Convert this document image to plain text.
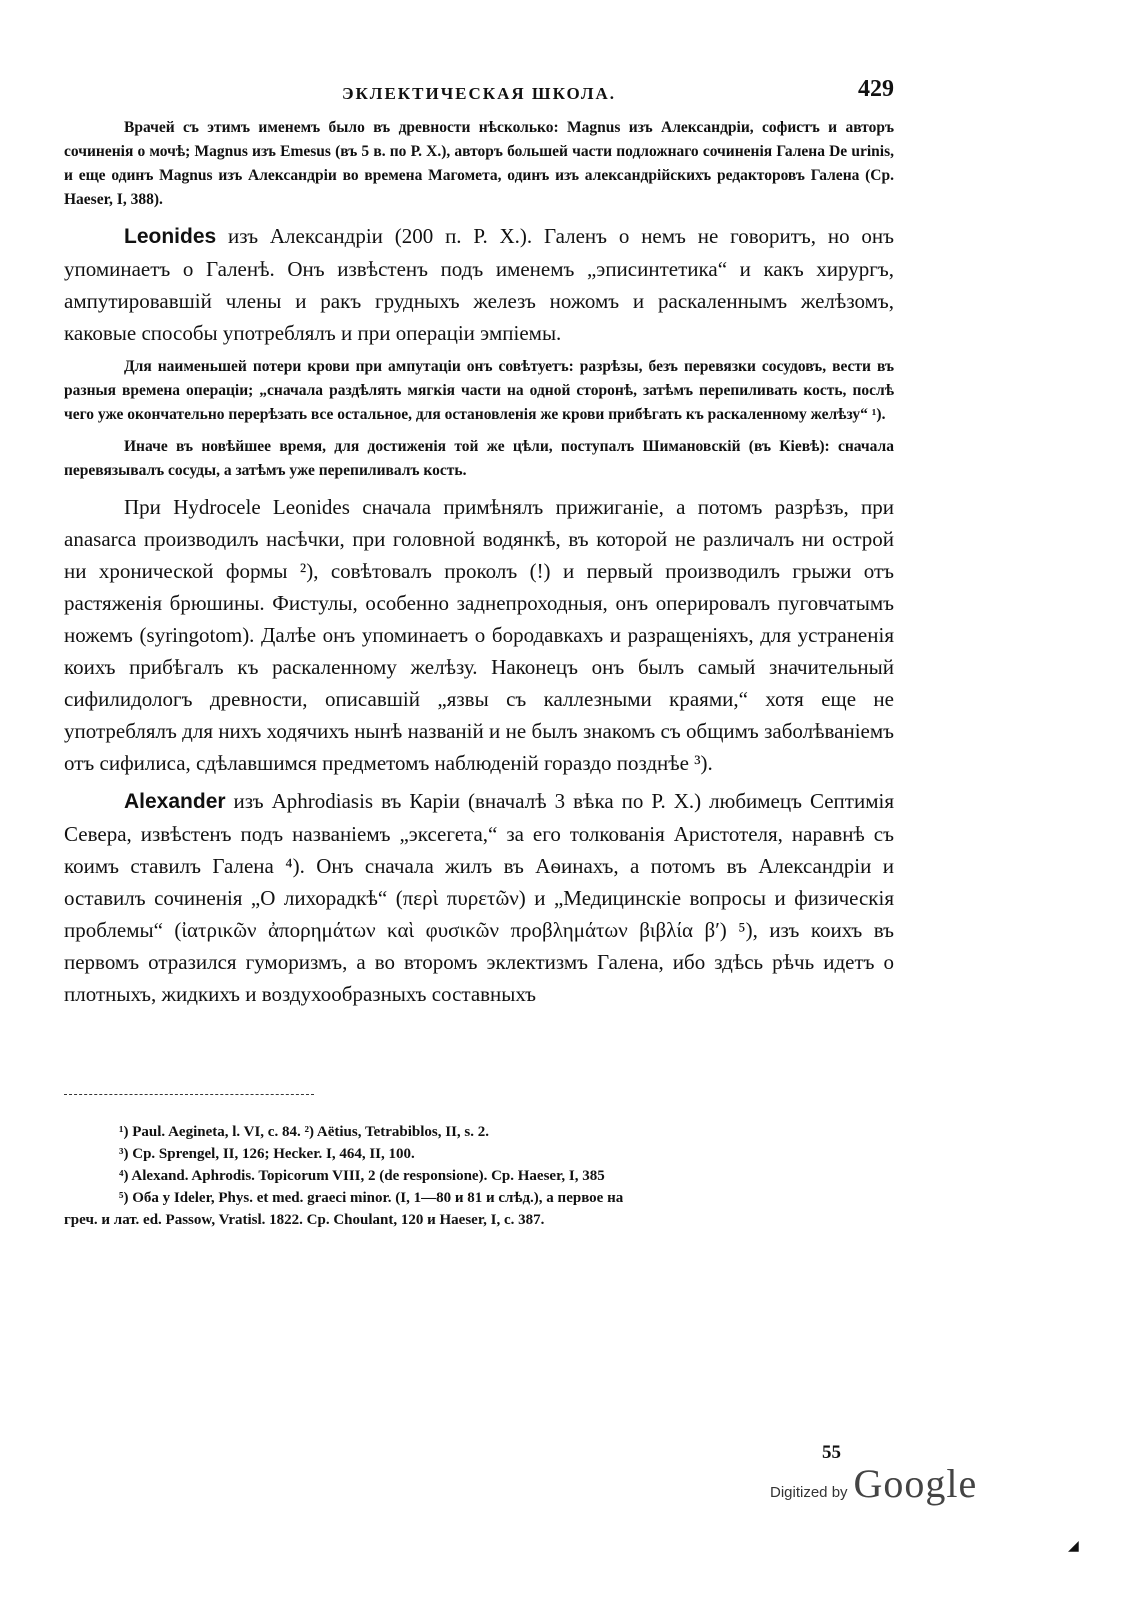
ЭКЛЕКТИЧЕСКАЯ ШКОЛА.	429

Врачей съ этимъ именемъ было въ древности нѣсколько: Magnus изъ Александріи, софистъ и авторъ сочиненія о мочѣ; Magnus изъ Emesus (въ 5 в. по Р. Х.), авторъ большей части подложнаго сочиненія Галена De urinis, и еще одинъ Magnus изъ Александріи во времена Магомета, одинъ изъ александрійскихъ редакторовъ Галена (Ср. Haeser, I, 388).

Leonides изъ Александріи (200 п. Р. Х.). Галенъ о немъ не говоритъ, но онъ упоминаетъ о Галенѣ. Онъ извѣстенъ подъ именемъ „эписинтетика“ и какъ хирургъ, ампутировавшій члены и ракъ грудныхъ железъ ножомъ и раскаленнымъ желѣзомъ, каковые способы употреблялъ и при операціи эмпіемы.

Для наименьшей потери крови при ампутаціи онъ совѣтуетъ: разрѣзы, безъ перевязки сосудовъ, вести въ разныя времена операціи; „сначала раздѣлять мягкія части на одной сторонѣ, затѣмъ перепиливать кость, послѣ чего уже окончательно перерѣзать все остальное, для остановленія же крови прибѣгать къ раскаленному желѣзу“ ¹).

Иначе въ новѣйшее время, для достиженія той же цѣли, поступалъ Шимановскій (въ Кіевѣ): сначала перевязывалъ сосуды, а затѣмъ уже перепиливалъ кость.

При Hydrocele Leonides сначала примѣнялъ прижиганіе, а потомъ разрѣзъ, при anasarca производилъ насѣчки, при головной водянкѣ, въ которой не различалъ ни острой ни хронической формы ²), совѣтовалъ проколъ (!) и первый производилъ грыжи отъ растяженія брюшины. Фистулы, особенно заднепроходныя, онъ оперировалъ пуговчатымъ ножемъ (syringotom). Далѣе онъ упоминаетъ о бородавкахъ и разращеніяхъ, для устраненія коихъ прибѣгалъ къ раскаленному желѣзу. Наконецъ онъ былъ самый значительный сифилидологъ древности, описавшій „язвы съ каллезными краями,“ хотя еще не употреблялъ для нихъ ходячихъ нынѣ названій и не былъ знакомъ съ общимъ заболѣваніемъ отъ сифилиса, сдѣлавшимся предметомъ наблюденій гораздо позднѣе ³).

Alexander изъ Aphrodiasis въ Каріи (вначалѣ 3 вѣка по Р. Х.) любимецъ Септимія Севера, извѣстенъ подъ названіемъ „эксегета,“ за его толкованія Аристотеля, наравнѣ съ коимъ ставилъ Галена ⁴). Онъ сначала жилъ въ Аѳинахъ, а потомъ въ Александріи и оставилъ сочиненія „О лихорадкѣ“ (περὶ πυρετῶν) и „Медицинскіе вопросы и физическія проблемы“ (ἰατρικῶν ἀπορημάτων καὶ φυσικῶν προβλημάτων βιβλία β′) ⁵), изъ коихъ въ первомъ отразился гуморизмъ, а во второмъ эклектизмъ Галена, ибо здѣсь рѣчь идетъ о плотныхъ, жидкихъ и воздухообразныхъ составныхъ

¹) Paul. Aegineta, l. VI, c. 84. ²) Aëtius, Tetrabiblos, II, s. 2.

³) Cp. Sprengel, II, 126; Hecker. I, 464, II, 100.

⁴) Alexand. Aphrodis. Topicorum VIII, 2 (de responsione). Ср. Haeser, I, 385

⁵) Оба у Ideler, Phys. et med. graeci minor. (I, 1—80 и 81 и слѣд.), а первое на

греч. и лат. ed. Passow, Vratisl. 1822. Cp. Choulant, 120 и Haeser, I, c. 387.

55
Digitized by Google
◢
